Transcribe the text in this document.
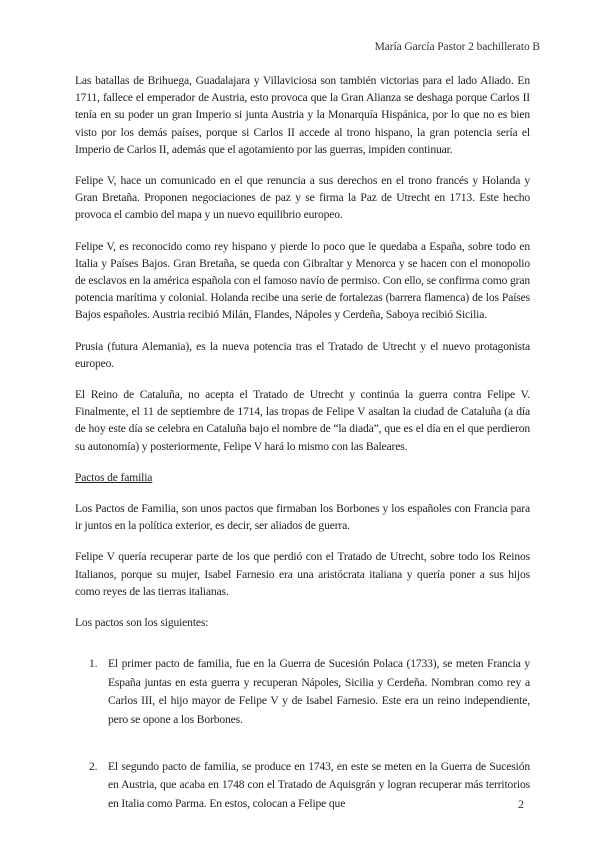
María García Pastor 2 bachillerato B

Las batallas de Brihuega, Guadalajara y Villaviciosa son también victorias para el lado Aliado. En 1711, fallece el emperador de Austria, esto provoca que la Gran Alianza se deshaga porque Carlos II tenía en su poder un gran Imperio si junta Austria y la Monarquía Hispánica, por lo que no es bien visto por los demás países, porque si Carlos II accede al trono hispano, la gran potencia sería el Imperio de Carlos II, además que el agotamiento por las guerras, impiden continuar.

Felipe V, hace un comunicado en el que renuncia a sus derechos en el trono francés y Holanda y Gran Bretaña. Proponen negociaciones de paz y se firma la Paz de Utrecht en 1713. Este hecho provoca el cambio del mapa y un nuevo equilibrio europeo.

Felipe V, es reconocido como rey hispano y pierde lo poco que le quedaba a España, sobre todo en Italia y Países Bajos. Gran Bretaña, se queda con Gibraltar y Menorca y se hacen con el monopolio de esclavos en la américa española con el famoso navío de permiso. Con ello, se confirma como gran potencia marítima y colonial. Holanda recibe una serie de fortalezas (barrera flamenca) de los Países Bajos españoles. Austria recibió Milán, Flandes, Nápoles y Cerdeña, Saboya recibió Sicilia.

Prusia (futura Alemania), es la nueva potencia tras el Tratado de Utrecht y el nuevo protagonista europeo.

El Reino de Cataluña, no acepta el Tratado de Utrecht y continúa la guerra contra Felipe V. Finalmente, el 11 de septiembre de 1714, las tropas de Felipe V asaltan la ciudad de Cataluña (a día de hoy este día se celebra en Cataluña bajo el nombre de “la diada”, que es el día en el que perdieron su autonomía) y posteriormente, Felipe V hará lo mismo con las Baleares.

Pactos de familia

Los Pactos de Familia, son unos pactos que firmaban los Borbones y los españoles con Francia para ir juntos en la política exterior, es decir, ser aliados de guerra.

Felipe V quería recuperar parte de los que perdió con el Tratado de Utrecht, sobre todo los Reinos Italianos, porque su mujer, Isabel Farnesio era una aristócrata italiana y quería poner a sus hijos como reyes de las tierras italianas.

Los pactos son los siguientes:

1. El primer pacto de familia, fue en la Guerra de Sucesión Polaca (1733), se meten Francia y España juntas en esta guerra y recuperan Nápoles, Sicilia y Cerdeña. Nombran como rey a Carlos III, el hijo mayor de Felipe V y de Isabel Farnesio. Este era un reino independiente, pero se opone a los Borbones.
2. El segundo pacto de familia, se produce en 1743, en este se meten en la Guerra de Sucesión en Austria, que acaba en 1748 con el Tratado de Aquisgrán y logran recuperar más territorios en Italia como Parma. En estos, colocan a Felipe que	2
